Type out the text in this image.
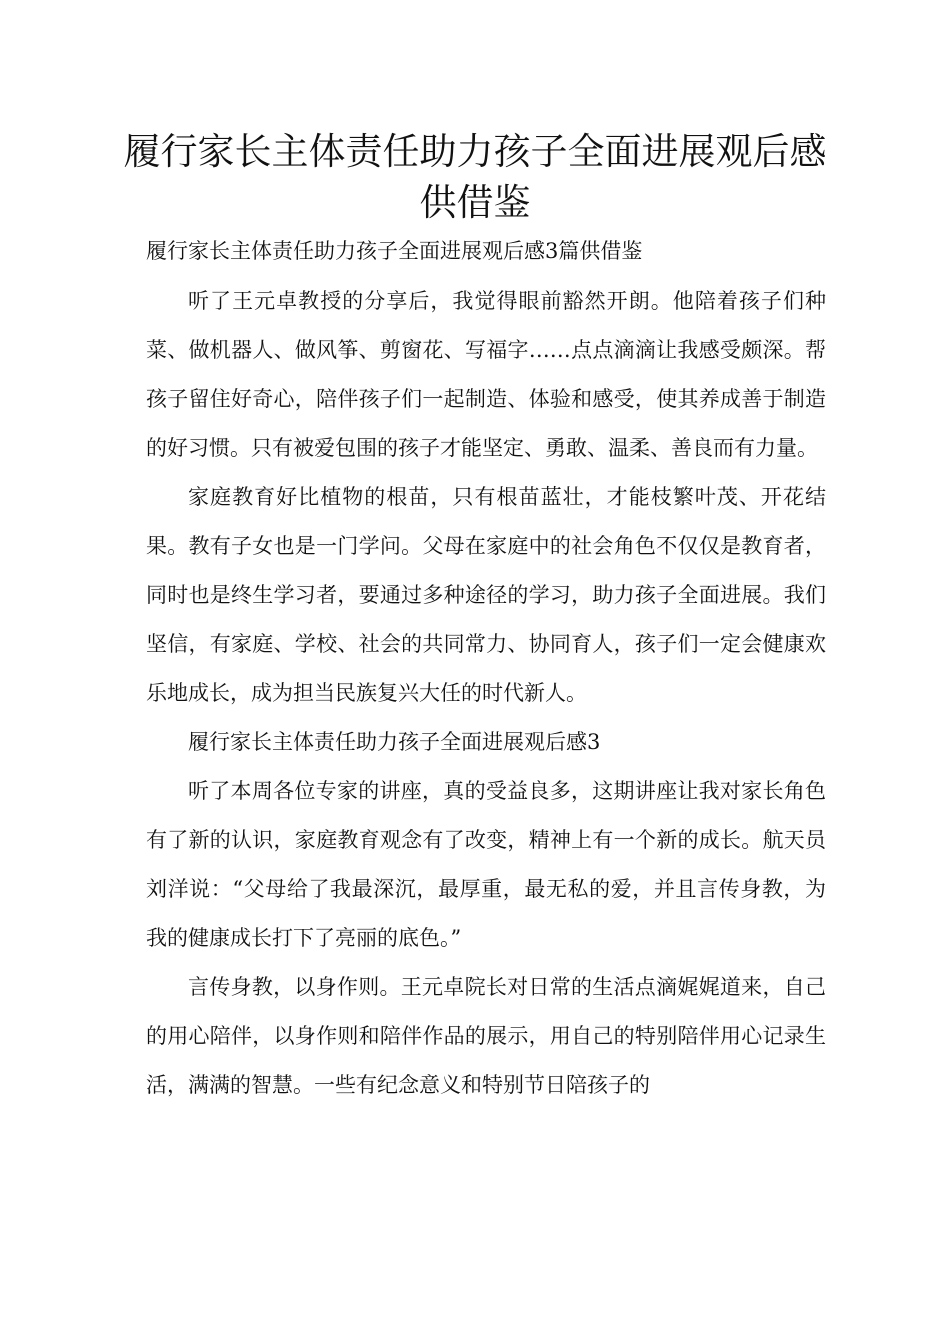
履行家长主体责任助力孩子全面进展观后感供借鉴

履行家长主体责任助力孩子全面进展观后感3篇供借鉴

听了王元卓教授的分享后，我觉得眼前豁然开朗。他陪着孩子们种菜、做机器人、做风筝、剪窗花、写福字……点点滴滴让我感受颇深。帮孩子留住好奇心，陪伴孩子们一起制造、体验和感受，使其养成善于制造的好习惯。只有被爱包围的孩子才能坚定、勇敢、温柔、善良而有力量。

家庭教育好比植物的根苗，只有根苗蓝壮，才能枝繁叶茂、开花结果。教有子女也是一门学问。父母在家庭中的社会角色不仅仅是教育者，同时也是终生学习者，要通过多种途径的学习，助力孩子全面进展。我们坚信，有家庭、学校、社会的共同常力、协同育人，孩子们一定会健康欢乐地成长，成为担当民族复兴大任的时代新人。

履行家长主体责任助力孩子全面进展观后感3

听了本周各位专家的讲座，真的受益良多，这期讲座让我对家长角色有了新的认识，家庭教育观念有了改变，精神上有一个新的成长。航天员刘洋说：“父母给了我最深沉，最厚重，最无私的爱，并且言传身教，为我的健康成长打下了亮丽的底色。”

言传身教，以身作则。王元卓院长对日常的生活点滴娓娓道来，自己的用心陪伴，以身作则和陪伴作品的展示，用自己的特别陪伴用心记录生活，满满的智慧。一些有纪念意义和特别节日陪孩子的
